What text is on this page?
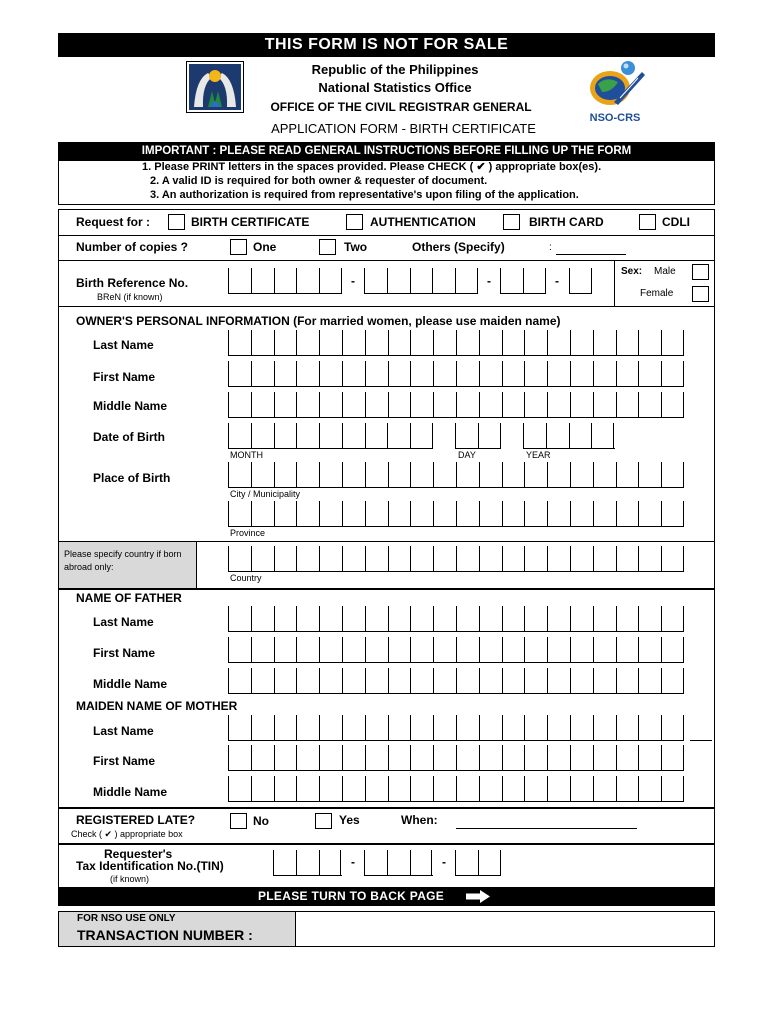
THIS FORM IS NOT FOR SALE
Republic of the Philippines
National Statistics Office
OFFICE OF THE CIVIL REGISTRAR GENERAL
APPLICATION FORM - BIRTH CERTIFICATE
NSO-CRS
IMPORTANT : PLEASE READ GENERAL INSTRUCTIONS BEFORE FILLING UP THE FORM
1. Please PRINT letters in the spaces provided. Please CHECK ( ✔ ) appropriate box(es).
2. A valid ID is required for both owner & requester of document.
3. An authorization is required from representative's upon filing of the application.
Request for :	BIRTH CERTIFICATE	AUTHENTICATION	BIRTH CARD	CDLI
Number of copies ?	One	Two	Others (Specify)	:
Birth Reference No.
BReN (if known)
-	-	-
Sex: Male
Female
OWNER'S PERSONAL INFORMATION (For married women, please use maiden name)
Last Name
First Name
Middle Name
Date of Birth
MONTH	DAY	YEAR
Place of Birth
City / Municipality
Province
Please specify country if born abroad only:
Country
NAME OF FATHER
Last Name
First Name
Middle Name
MAIDEN NAME OF MOTHER
Last Name
First Name
Middle Name
REGISTERED LATE?
Check ( ✔ ) appropriate box
No	Yes	When:
Requester's
Tax Identification No.(TIN)
(if known)
-	-
PLEASE TURN TO BACK PAGE
FOR NSO USE ONLY
TRANSACTION NUMBER :
